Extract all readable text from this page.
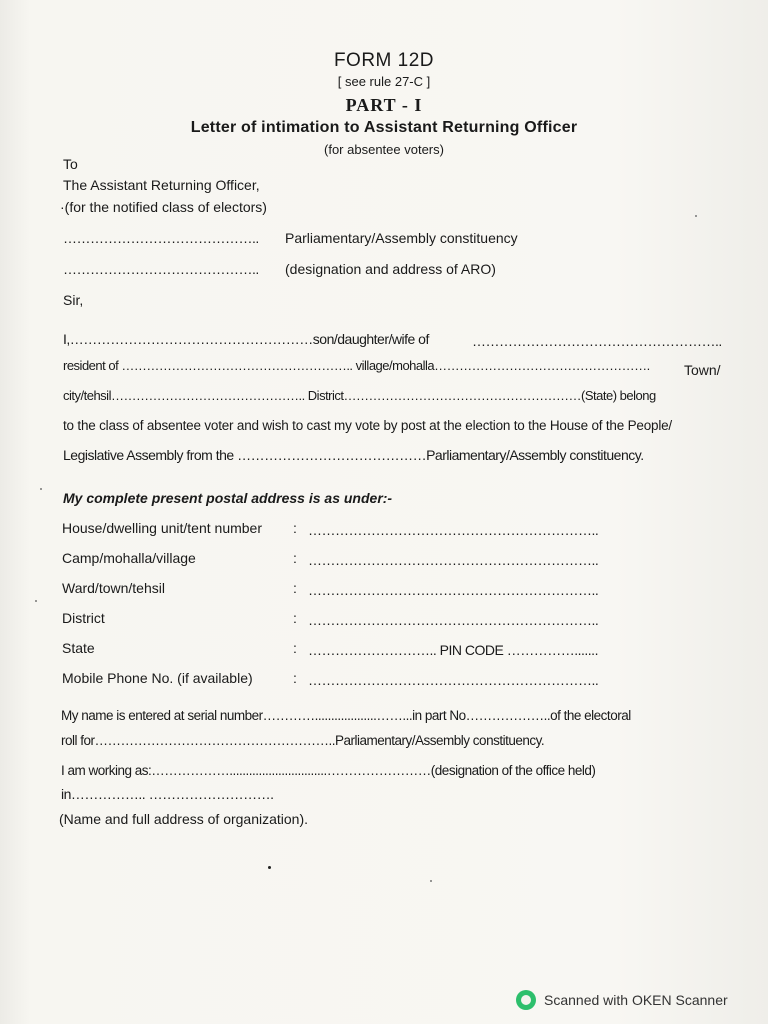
FORM 12D
[ see rule 27-C ]
PART - I
Letter of intimation to Assistant Returning Officer
(for absentee voters)
To
The Assistant Returning Officer,
·(for the notified class of electors)
…………………………………….. Parliamentary/Assembly constituency
…………………………………….. (designation and address of ARO)
Sir,
I,………………………………………………son/daughter/wife of	………………………………………………..
resident of ……………………………………………….. village/mohalla……………………………………………. Town/
city/tehsil……………………………………….. District…………………………………………………(State) belong
to the class of absentee voter and wish to cast my vote by post at the election to the House of the People/
Legislative Assembly from the ……………………………………Parliamentary/Assembly constituency.
My complete present postal address is as under:-
House/dwelling unit/tent number : ………………………………………………………..
Camp/mohalla/village	: ………………………………………………………..
Ward/town/tehsil	: ………………………………………………………..
District	: ………………………………………………………..
State	: ……………………….. PIN CODE …………….......
Mobile Phone No. (if available)	: ………………………………………………………..
My name is entered at serial number…………...................……...in part No………………..of the electoral
roll for………………………………………………..Parliamentary/Assembly constituency.
I am working as:………………..............................……………………(designation of the office held)
in…………….. ……………………….
(Name and full address of organization).
Scanned with OKEN Scanner
